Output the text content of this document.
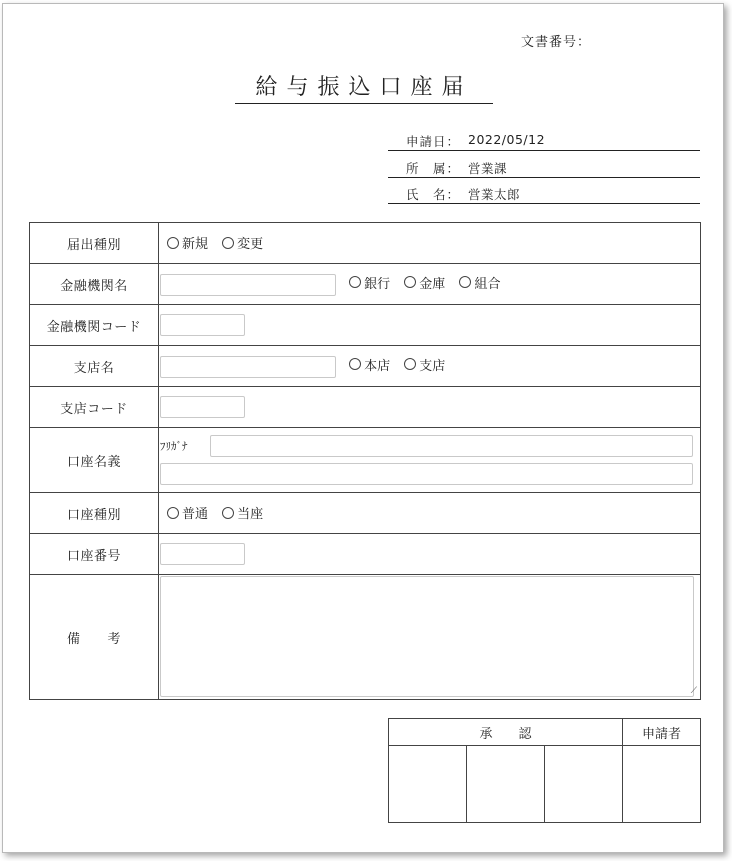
文書番号：
給与振込口座届
申請日： 2022/05/12
所　属： 営業課
氏　名： 営業太郎
届出種別	新規
変更

金融機関名	銀行
金庫
組合

金融機関コード	
支店名	本店
支店

支店コード	
口座名義	ﾌﾘｶﾞﾅ

口座種別	普通
当座

口座番号	
備　　考	⟋
承　　認			申請者
